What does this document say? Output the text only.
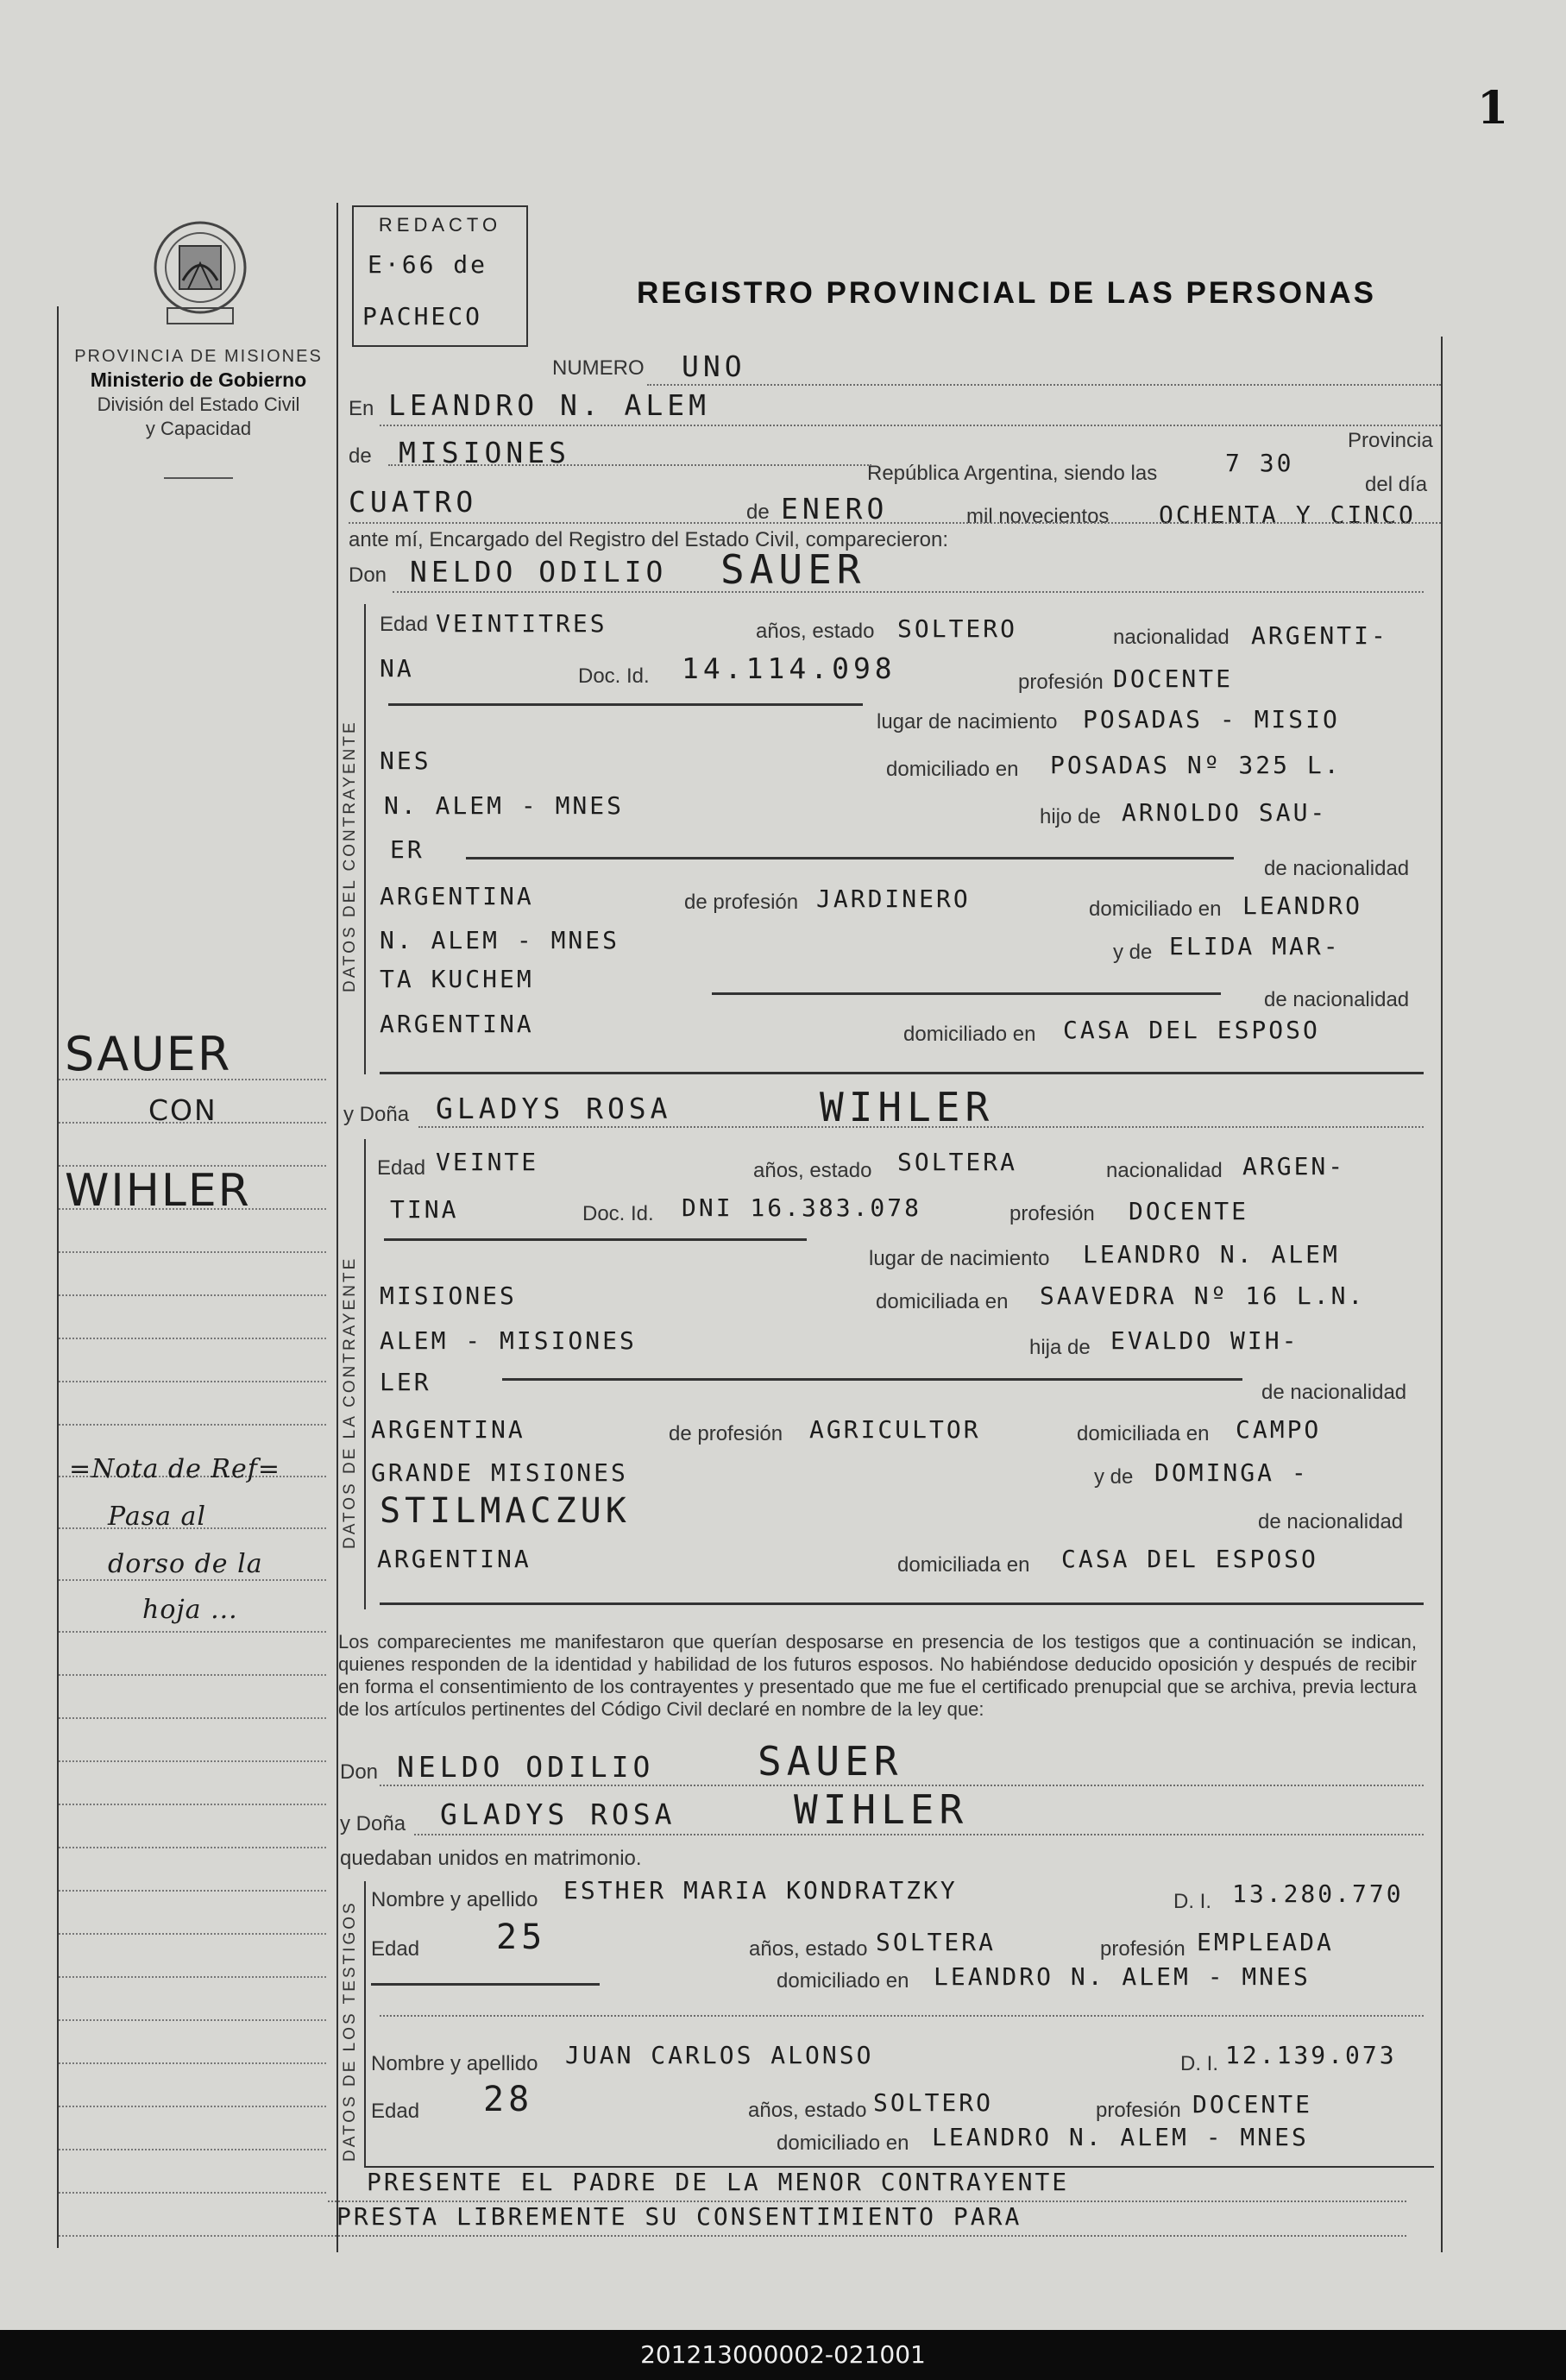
1
PROVINCIA DE MISIONES
Ministerio de Gobierno
División del Estado Civil
y Capacidad
REDACTO
E·66 de
PACHECO
REGISTRO PROVINCIAL DE LAS PERSONAS
NUMERO UNO
En LEANDRO N. ALEM
de MISIONES	Provincia
República Argentina, siendo las	7 30
del día
CUATRO	de ENERO	mil novecientos OCHENTA Y CINCO
ante mí, Encargado del Registro del Estado Civil, comparecieron:
Don NELDO ODILIO SAUER
DATOS DEL CONTRAYENTE
Edad VEINTITRES	años, estado SOLTERO	nacionalidad ARGENTI-
NA	Doc. Id. 14.114.098	profesión DOCENTE
lugar de nacimiento POSADAS - MISIO
NES	domiciliado en POSADAS Nº 325 L.
N. ALEM - MNES	hijo de ARNOLDO SAU-
ER
de nacionalidad
ARGENTINA	de profesión JARDINERO	domiciliado en LEANDRO
N. ALEM - MNES	y de ELIDA MAR-
TA KUCHEM
de nacionalidad
ARGENTINA	domiciliado en CASA DEL ESPOSO
y Doña GLADYS ROSA	WIHLER
DATOS DE LA CONTRAYENTE
Edad VEINTE	años, estado SOLTERA	nacionalidad ARGEN-
TINA	Doc. Id. DNI 16.383.078	profesión DOCENTE
lugar de nacimiento LEANDRO N. ALEM
MISIONES	domiciliada en SAAVEDRA Nº 16 L.N.
ALEM - MISIONES	hija de EVALDO WIH-
LER	de nacionalidad
ARGENTINA	de profesión AGRICULTOR	domiciliada en CAMPO
GRANDE MISIONES	y de DOMINGA -
STILMACZUK	de nacionalidad
ARGENTINA	domiciliada en CASA DEL ESPOSO
Los comparecientes me manifestaron que querían desposarse en presencia de los testigos que a continuación se indican, quienes responden de la identidad y habilidad de los futuros esposos. No habiéndose deducido oposición y después de recibir en forma el consentimiento de los contrayentes y presentado que me fue el certificado prenupcial que se archiva, previa lectura de los artículos pertinentes del Código Civil declaré en nombre de la ley que:
Don NELDO ODILIO	SAUER
y Doña GLADYS ROSA	WIHLER
quedaban unidos en matrimonio.
DATOS DE LOS TESTIGOS
Nombre y apellido ESTHER MARIA KONDRATZKY	D. I. 13.280.770
Edad 25	años, estado SOLTERA	profesión EMPLEADA
domiciliado en LEANDRO N. ALEM - MNES
Nombre y apellido JUAN CARLOS ALONSO	D. I. 12.139.073
Edad 28	años, estado SOLTERO	profesión DOCENTE
domiciliado en LEANDRO N. ALEM - MNES
PRESENTE EL PADRE DE LA MENOR CONTRAYENTE
PRESTA LIBREMENTE SU CONSENTIMIENTO PARA
SAUER
CON
WIHLER
=Nota de Ref=
Pasa al
dorso de la
hoja ...
201213000002-021001
